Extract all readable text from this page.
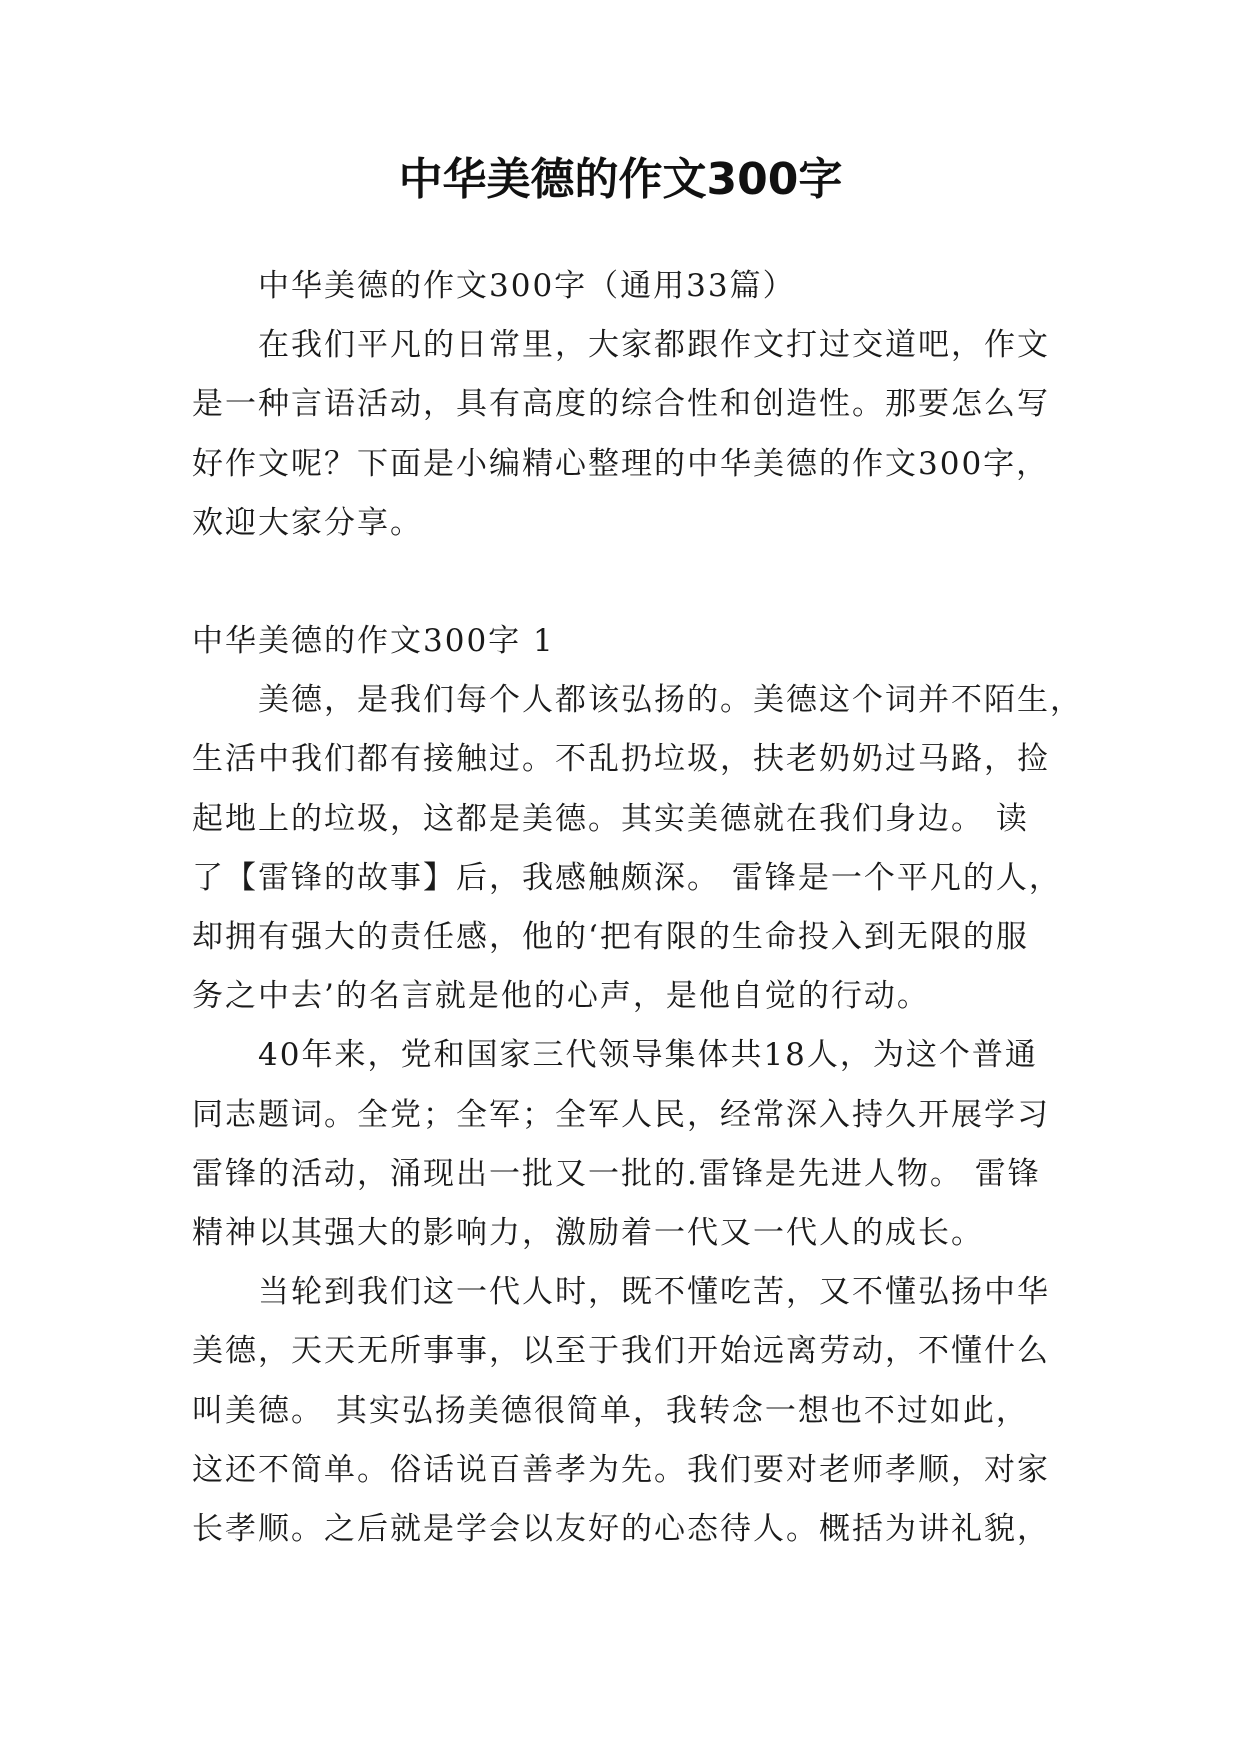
中华美德的作文300字

中华美德的作文300字（通用33篇）

在我们平凡的日常里，大家都跟作文打过交道吧，作文
是一种言语活动，具有高度的综合性和创造性。那要怎么写
好作文呢？下面是小编精心整理的中华美德的作文300字，
欢迎大家分享。

中华美德的作文300字 1

美德，是我们每个人都该弘扬的。美德这个词并不陌生，
生活中我们都有接触过。不乱扔垃圾，扶老奶奶过马路，捡
起地上的垃圾，这都是美德。其实美德就在我们身边。 读
了【雷锋的故事】后，我感触颇深。 雷锋是一个平凡的人，
却拥有强大的责任感，他的‘把有限的生命投入到无限的服
务之中去’的名言就是他的心声，是他自觉的行动。

40年来，党和国家三代领导集体共18人，为这个普通
同志题词。全党；全军；全军人民，经常深入持久开展学习
雷锋的活动，涌现出一批又一批的.雷锋是先进人物。 雷锋
精神以其强大的影响力，激励着一代又一代人的成长。

当轮到我们这一代人时，既不懂吃苦，又不懂弘扬中华
美德，天天无所事事，以至于我们开始远离劳动，不懂什么
叫美德。 其实弘扬美德很简单，我转念一想也不过如此，
这还不简单。俗话说百善孝为先。我们要对老师孝顺，对家
长孝顺。之后就是学会以友好的心态待人。概括为讲礼貌，
